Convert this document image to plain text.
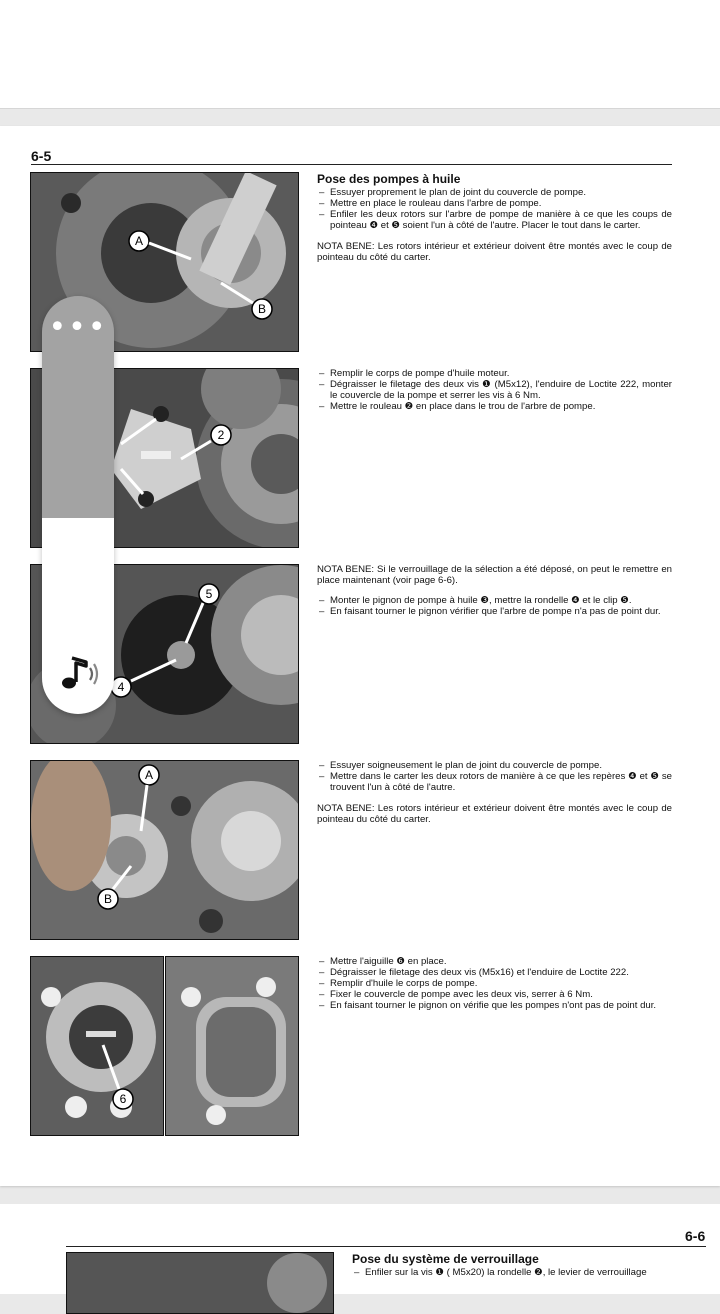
6-5
A
B
Pose des pompes à huile
– Essuyer proprement le plan de joint du couvercle de pompe.
– Mettre en place le rouleau dans l'arbre de pompe.
– Enfiler les deux rotors sur l'arbre de pompe de manière à ce que les coups de pointeau ❹ et ❺ soient l'un à côté de l'autre. Placer le tout dans le carter.

NOTA BENE: Les rotors intérieur et extérieur doivent être montés avec le coup de pointeau du côté du carter.

2
– Remplir le corps de pompe d'huile moteur.
– Dégraisser le filetage des deux vis ❶ (M5x12), l'enduire de Loctite 222, monter le couvercle de la pompe et serrer les vis à 6 Nm.
– Mettre le rouleau ❷ en place dans le trou de l'arbre de pompe.
5
4
NOTA BENE: Si le verrouillage de la sélection a été déposé, on peut le remettre en place maintenant (voir page 6-6).
– Monter le pignon de pompe à huile ❸, mettre la rondelle ❹ et le clip ❺.
– En faisant tourner le pignon vérifier que l'arbre de pompe n'a pas de point dur.
A
B
– Essuyer soigneusement le plan de joint du couvercle de pompe.
– Mettre dans le carter les deux rotors de manière à ce que les repères ❹ et ❺ se trouvent l'un à côté de l'autre.

NOTA BENE: Les rotors intérieur et extérieur doivent être montés avec le coup de pointeau du côté du carter.

6
– Mettre l'aiguille ❻ en place.
– Dégraisser le filetage des deux vis (M5x16) et l'enduire de Loctite 222.
– Remplir d'huile le corps de pompe.
– Fixer le couvercle de pompe avec les deux vis, serrer à 6 Nm.
– En faisant tourner le pignon on vérifie que les pompes n'ont pas de point dur.
6-6
Pose du système de verrouillage
– Enfiler sur la vis ❶ ( M5x20) la rondelle ❷, le levier de verrouillage
•••
